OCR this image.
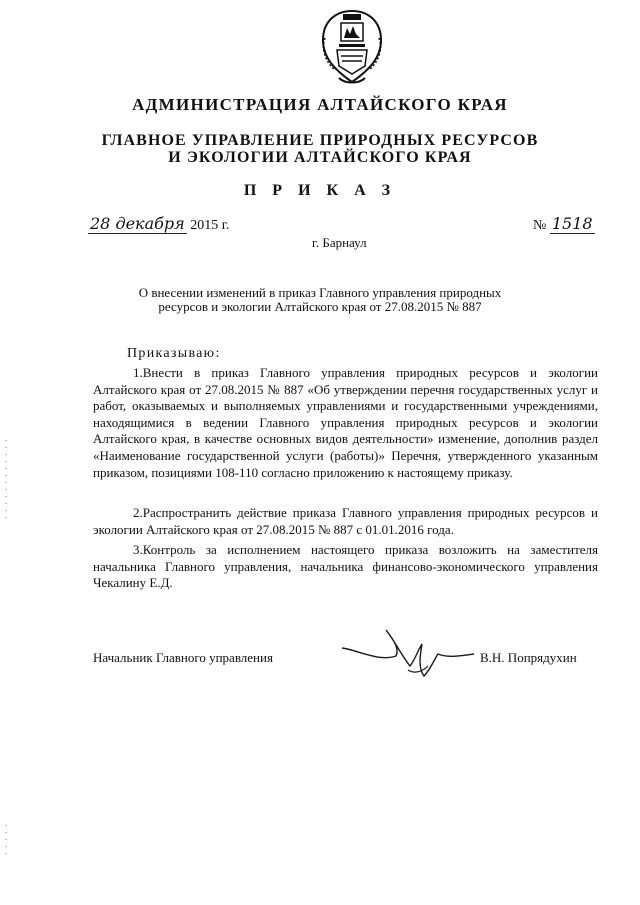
АДМИНИСТРАЦИЯ АЛТАЙСКОГО КРАЯ
ГЛАВНОЕ УПРАВЛЕНИЕ ПРИРОДНЫХ РЕСУРСОВ
И ЭКОЛОГИИ АЛТАЙСКОГО КРАЯ
П Р И К А З
28 декабря 2015 г.	№ 1518
г. Барнаул
О внесении изменений в приказ Главного управления природных
ресурсов и экологии Алтайского края от 27.08.2015 № 887
Приказываю:
1.Внести в приказ Главного управления природных ресурсов и экологии Алтайского края от 27.08.2015 № 887 «Об утверждении перечня государственных услуг и работ, оказываемых и выполняемых управлениями и государственными учреждениями, находящимися в ведении Главного управления природных ресурсов и экологии Алтайского края, в качестве основных видов деятельности» изменение, дополнив раздел «Наименование государственной услуги (работы)» Перечня, утвержденного указанным приказом, позициями 108-110 согласно приложению к настоящему приказу.
2.Распространить действие приказа Главного управления природных ресурсов и экологии Алтайского края от 27.08.2015 № 887 с 01.01.2016 года.
3.Контроль за исполнением настоящего приказа возложить на заместителя начальника Главного управления, начальника финансово-экономического управления Чекалину Е.Д.
Начальник Главного управления	В.Н. Попрядухин
